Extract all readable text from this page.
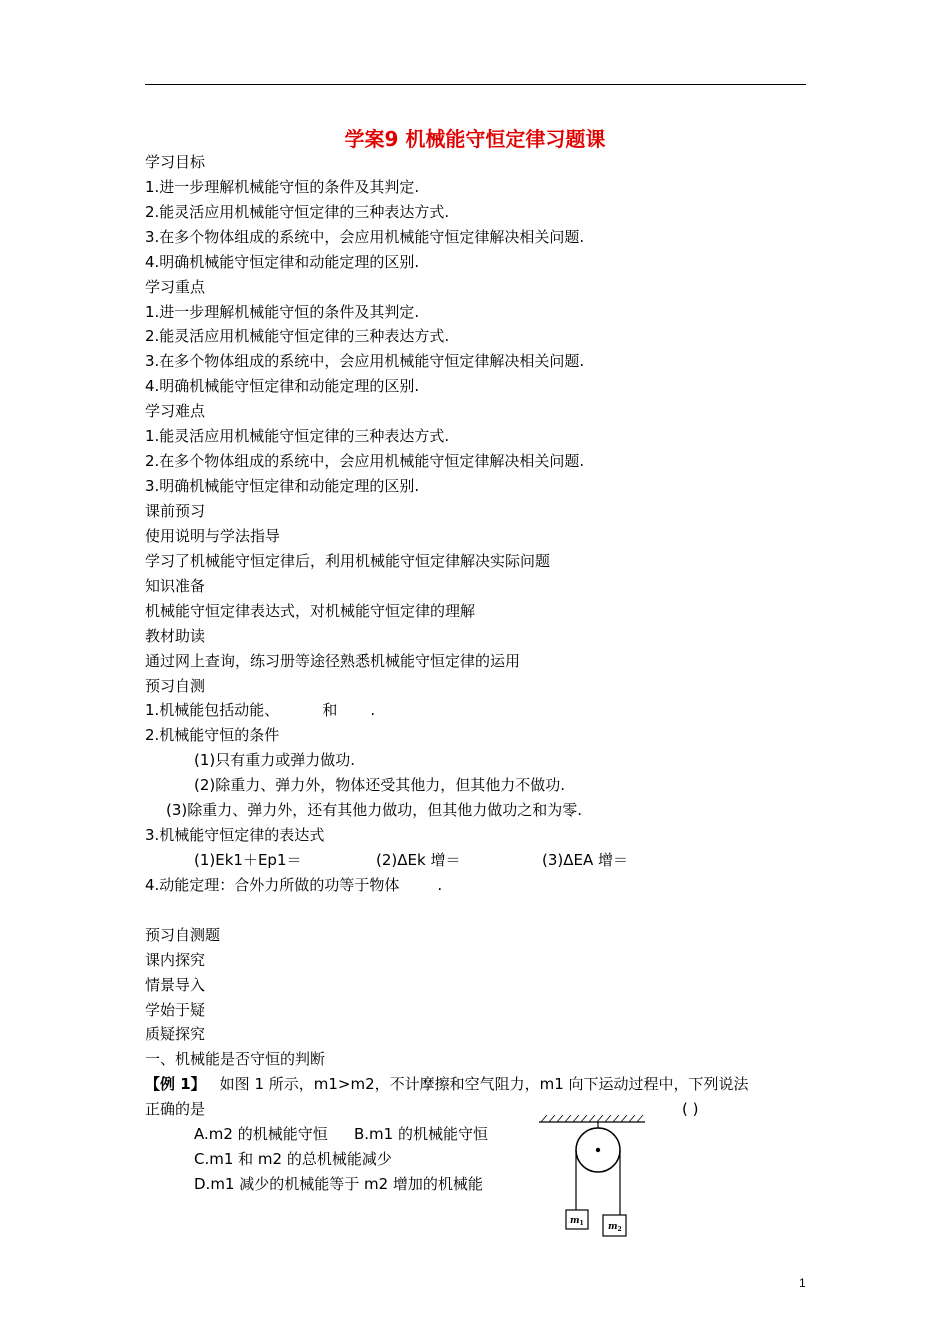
学案9 机械能守恒定律习题课
学习目标
1.进一步理解机械能守恒的条件及其判定.
2.能灵活应用机械能守恒定律的三种表达方式.
3.在多个物体组成的系统中，会应用机械能守恒定律解决相关问题.
4.明确机械能守恒定律和动能定理的区别.
学习重点
1.进一步理解机械能守恒的条件及其判定.
2.能灵活应用机械能守恒定律的三种表达方式.
3.在多个物体组成的系统中，会应用机械能守恒定律解决相关问题.
4.明确机械能守恒定律和动能定理的区别.
学习难点
1.能灵活应用机械能守恒定律的三种表达方式.
2.在多个物体组成的系统中，会应用机械能守恒定律解决相关问题.
3.明确机械能守恒定律和动能定理的区别.
课前预习
使用说明与学法指导
学习了机械能守恒定律后，利用机械能守恒定律解决实际问题
知识准备
机械能守恒定律表达式，对机械能守恒定律的理解
教材助读
通过网上查询，练习册等途径熟悉机械能守恒定律的运用
预习自测
1.机械能包括动能、	和 .
2.机械能守恒的条件
(1)只有重力或弹力做功.
(2)除重力、弹力外，物体还受其他力，但其他力不做功.
(3)除重力、弹力外，还有其他力做功，但其他力做功之和为零.
3.机械能守恒定律的表达式
(1)Ek1＋Ep1＝	(2)ΔEk 增＝	(3)ΔEA 增＝
4.动能定理：合外力所做的功等于物体	.
预习自测题
课内探究
情景导入
学始于疑
质疑探究
一、机械能是否守恒的判断
【例 1】 如图 1 所示，m1>m2，不计摩擦和空气阻力，m1 向下运动过程中，下列说法
正确的是	( )
A.m2 的机械能守恒 B.m1 的机械能守恒
C.m1 和 m2 的总机械能减少
D.m1 减少的机械能等于 m2 增加的机械能
$m_1$	$m_2$
1
